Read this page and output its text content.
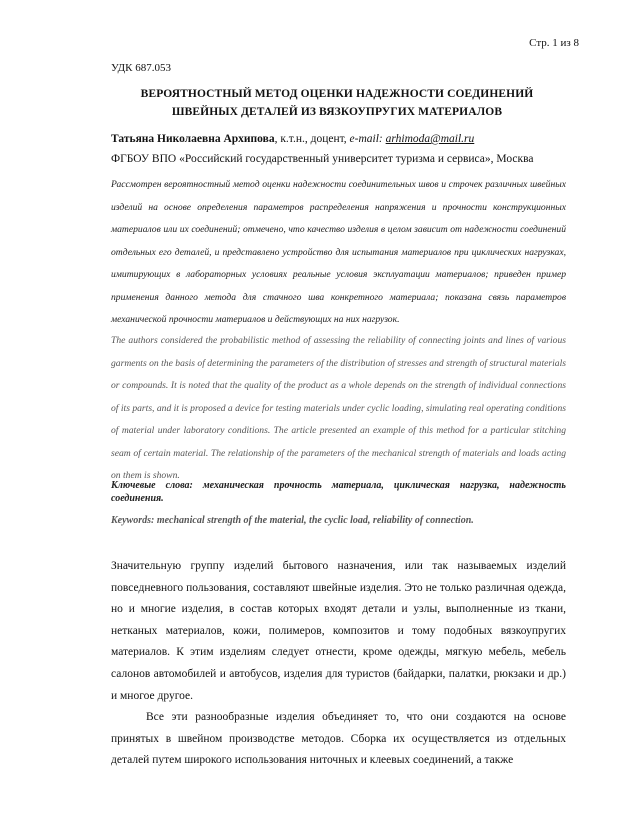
Стр. 1 из 8
УДК 687.053
ВЕРОЯТНОСТНЫЙ МЕТОД ОЦЕНКИ НАДЕЖНОСТИ СОЕДИНЕНИЙ
ШВЕЙНЫХ ДЕТАЛЕЙ ИЗ ВЯЗКОУПРУГИХ МАТЕРИАЛОВ
Татьяна Николаевна Архипова, к.т.н., доцент, e-mail: arhimoda@mail.ru
ФГБОУ ВПО «Российский государственный университет туризма и сервиса», Москва
Рассмотрен вероятностный метод оценки надежности соединительных швов и строчек различных швейных изделий на основе определения параметров распределения напряжения и прочности конструкционных материалов или их соединений; отмечено, что качество изделия в целом зависит от надежности соединений отдельных его деталей, и представлено устройство для испытания материалов при циклических нагрузках, имитирующих в лабораторных условиях реальные условия эксплуатации материалов; приведен пример применения данного метода для стачного шва конкретного материала; показана связь параметров механической прочности материалов и действующих на них нагрузок.
The authors considered the probabilistic method of assessing the reliability of connecting joints and lines of various garments on the basis of determining the parameters of the distribution of stresses and strength of structural materials or compounds. It is noted that the quality of the product as a whole depends on the strength of individual connections of its parts, and it is proposed a device for testing materials under cyclic loading, simulating real operating conditions of material under laboratory conditions. The article presented an example of this method for a particular stitching seam of certain material. The relationship of the parameters of the mechanical strength of materials and loads acting on them is shown.
Ключевые слова: механическая прочность материала, циклическая нагрузка, надежность соединения.
Keywords: mechanical strength of the material, the cyclic load, reliability of connection.

Значительную группу изделий бытового назначения, или так называемых изделий повседневного пользования, составляют швейные изделия. Это не только различная одежда, но и многие изделия, в состав которых входят детали и узлы, выполненные из ткани, нетканых материалов, кожи, полимеров, композитов и тому подобных вязкоупругих материалов. К этим изделиям следует отнести, кроме одежды, мягкую мебель, мебель салонов автомобилей и автобусов, изделия для туристов (байдарки, палатки, рюкзаки и др.) и многое другое.

Все эти разнообразные изделия объединяет то, что они создаются на основе принятых в швейном производстве методов. Сборка их осуществляется из отдельных деталей путем широкого использования ниточных и клеевых соединений, а также
